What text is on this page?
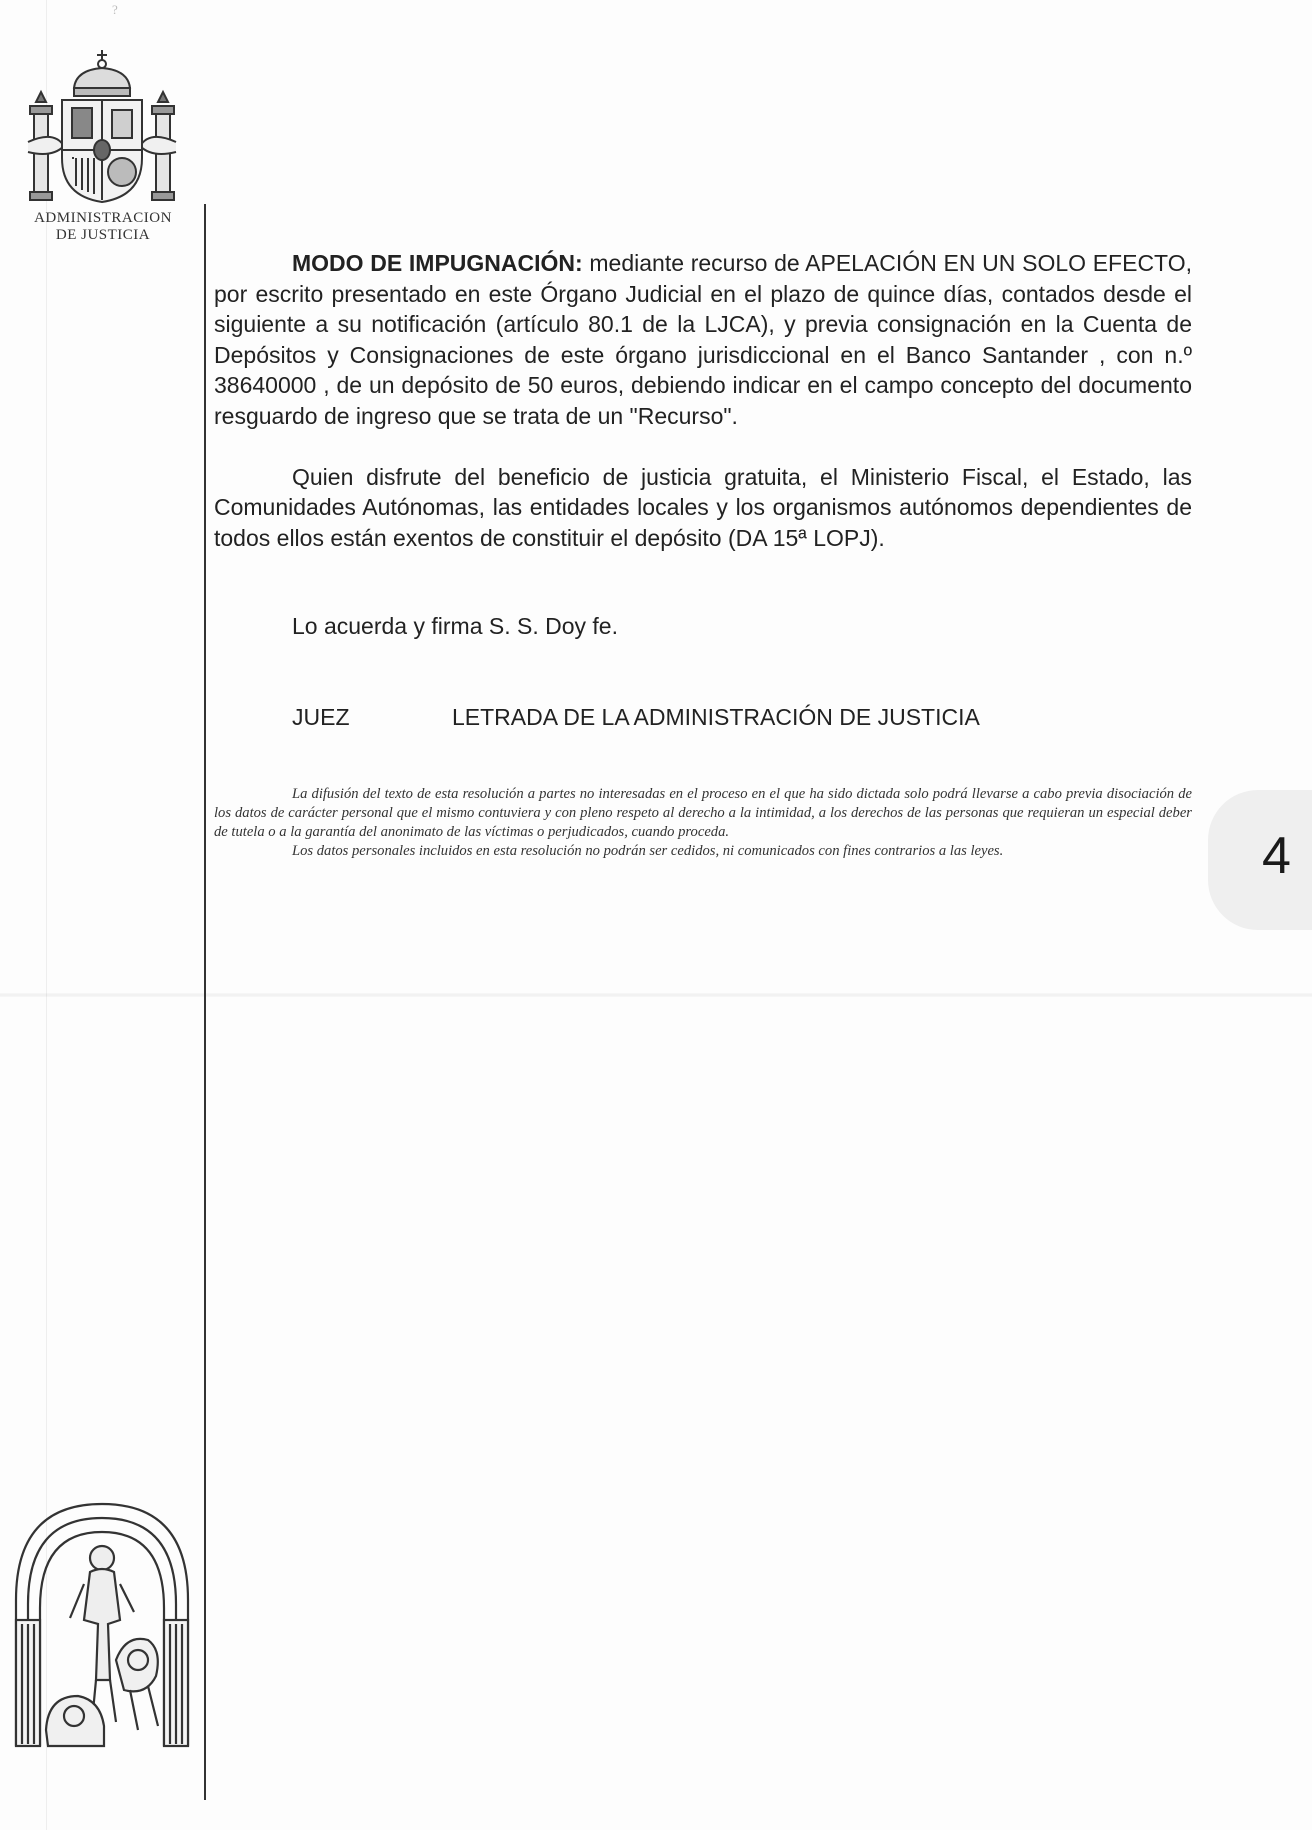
?
ADMINISTRACION
DE JUSTICIA

MODO DE IMPUGNACIÓN: mediante recurso de APELACIÓN EN UN SOLO EFECTO, por escrito presentado en este Órgano Judicial en el plazo de quince días, contados desde el siguiente a su notificación (artículo 80.1 de la LJCA), y previa consignación en la Cuenta de Depósitos y Consignaciones de este órgano jurisdiccional en el Banco Santander , con n.º 38640000 , de un depósito de 50 euros, debiendo indicar en el campo concepto del documento resguardo de ingreso que se trata de un "Recurso".

Quien disfrute del beneficio de justicia gratuita, el Ministerio Fiscal, el Estado, las Comunidades Autónomas, las entidades locales y los organismos autónomos dependientes de todos ellos están exentos de constituir el depósito (DA 15ª LOPJ).

Lo acuerda y firma S. S. Doy fe.

JUEZ	LETRADA DE LA ADMINISTRACIÓN DE JUSTICIA

La difusión del texto de esta resolución a partes no interesadas en el proceso en el que ha sido dictada solo podrá llevarse a cabo previa disociación de los datos de carácter personal que el mismo contuviera y con pleno respeto al derecho a la intimidad, a los derechos de las personas que requieran un especial deber de tutela o a la garantía del anonimato de las víctimas o perjudicados, cuando proceda.

Los datos personales incluidos en esta resolución no podrán ser cedidos, ni comunicados con fines contrarios a las leyes.	4
